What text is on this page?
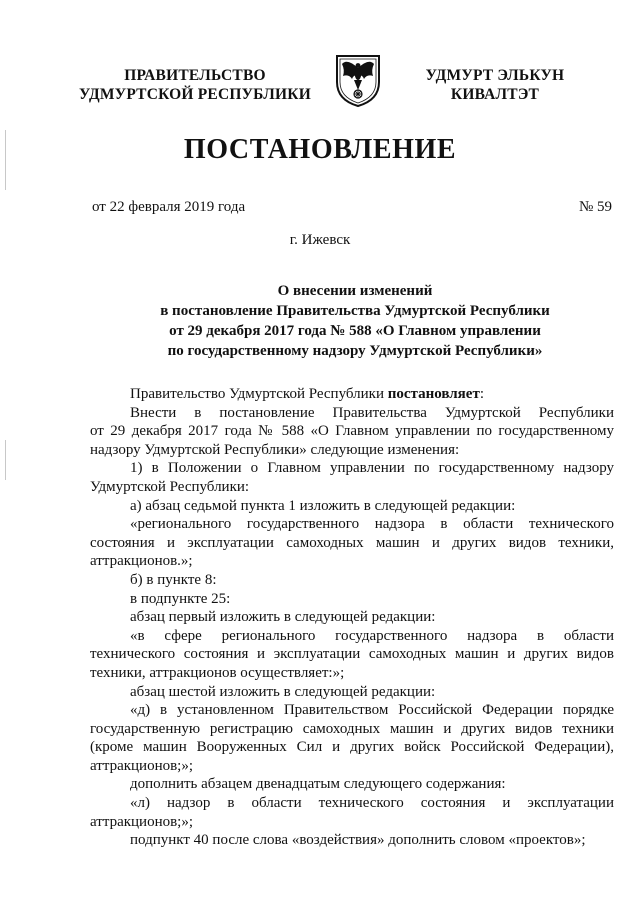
ПРАВИТЕЛЬСТВО
УДМУРТСКОЙ РЕСПУБЛИКИ
УДМУРТ ЭЛЬКУН
КИВАЛТЭТ
ПОСТАНОВЛЕНИЕ
от 22 февраля 2019 года	№ 59
г. Ижевск
О внесении изменений
в постановление Правительства Удмуртской Республики
от 29 декабря 2017 года № 588 «О Главном управлении
по государственному надзору Удмуртской Республики»

Правительство Удмуртской Республики постановляет:

Внести в постановление Правительства Удмуртской Республики

от 29 декабря 2017 года № 588 «О Главном управлении по государственному

надзору Удмуртской Республики» следующие изменения:

1) в Положении о Главном управлении по государственному надзору

Удмуртской Республики:

а) абзац седьмой пункта 1 изложить в следующей редакции:

«регионального государственного надзора в области технического

состояния и эксплуатации самоходных машин и других видов техники,

аттракционов.»;

б) в пункте 8:

в подпункте 25:

абзац первый изложить в следующей редакции:

«в сфере регионального государственного надзора в области

технического состояния и эксплуатации самоходных машин и других видов

техники, аттракционов осуществляет:»;

абзац шестой изложить в следующей редакции:

«д) в установленном Правительством Российской Федерации порядке

государственную регистрацию самоходных машин и других видов техники

(кроме машин Вооруженных Сил и других войск Российской Федерации),

аттракционов;»;

дополнить абзацем двенадцатым следующего содержания:

«л) надзор в области технического состояния и эксплуатации

аттракционов;»;

подпункт 40 после слова «воздействия» дополнить словом «проектов»;
